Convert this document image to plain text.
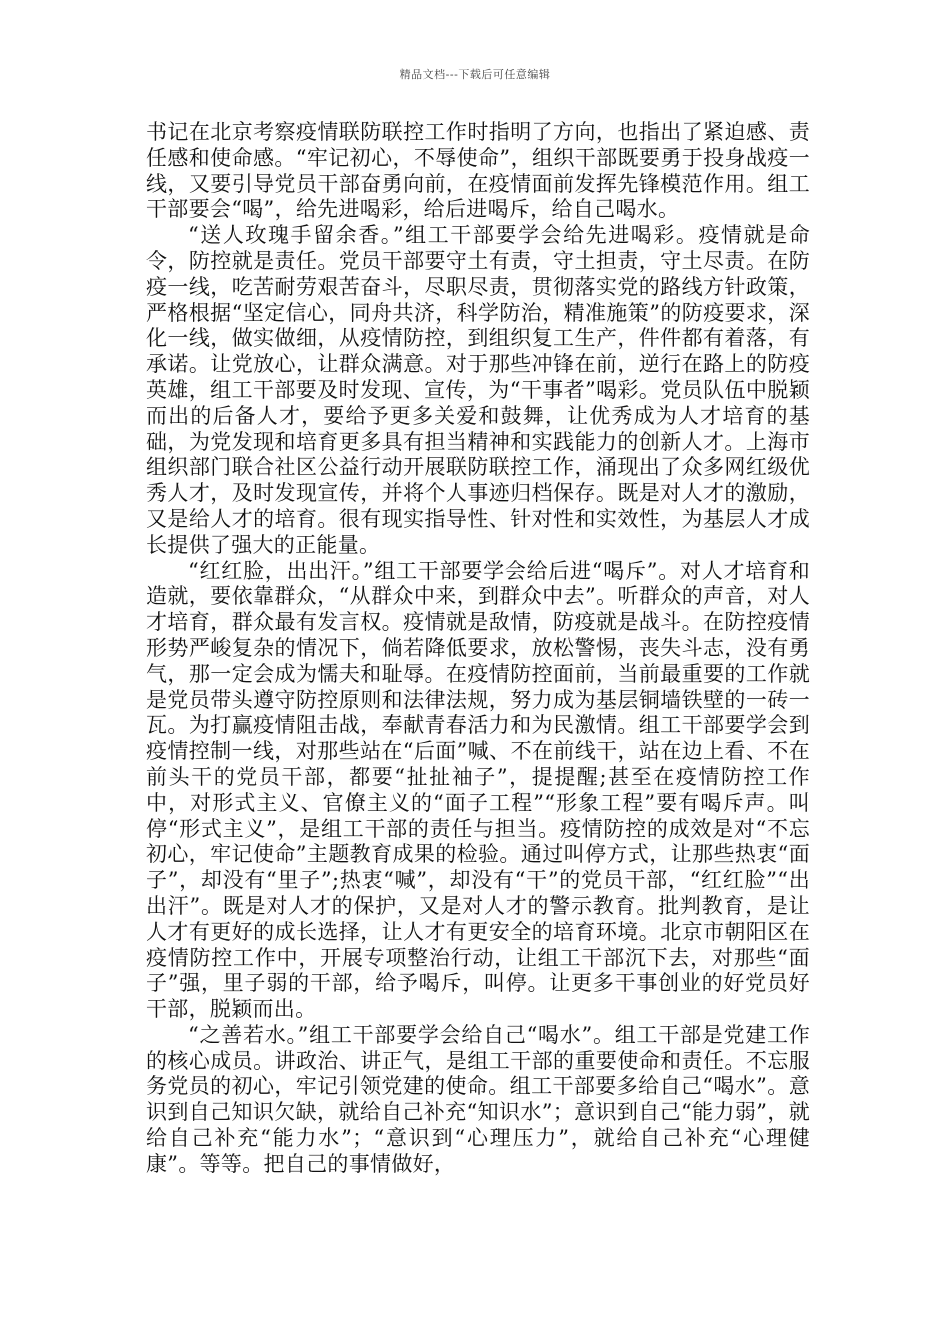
精品文档---下载后可任意编辑

书记在北京考察疫情联防联控工作时指明了方向，也指出了紧迫感、责任感和使命感。“牢记初心，不辱使命”，组织干部既要勇于投身战疫一线，又要引导党员干部奋勇向前，在疫情面前发挥先锋模范作用。组工干部要会“喝”，给先进喝彩，给后进喝斥，给自己喝水。

“送人玫瑰手留余香。”组工干部要学会给先进喝彩。疫情就是命令，防控就是责任。党员干部要守土有责，守土担责，守土尽责。在防疫一线，吃苦耐劳艰苦奋斗，尽职尽责，贯彻落实党的路线方针政策，严格根据“坚定信心，同舟共济，科学防治，精准施策”的防疫要求，深化一线，做实做细，从疫情防控，到组织复工生产，件件都有着落，有承诺。让党放心，让群众满意。对于那些冲锋在前，逆行在路上的防疫英雄，组工干部要及时发现、宣传，为“干事者”喝彩。党员队伍中脱颖而出的后备人才，要给予更多关爱和鼓舞，让优秀成为人才培育的基础，为党发现和培育更多具有担当精神和实践能力的创新人才。上海市组织部门联合社区公益行动开展联防联控工作，涌现出了众多网红级优秀人才，及时发现宣传，并将个人事迹归档保存。既是对人才的激励，又是给人才的培育。很有现实指导性、针对性和实效性，为基层人才成长提供了强大的正能量。

“红红脸，出出汗。”组工干部要学会给后进“喝斥”。对人才培育和造就，要依靠群众，“从群众中来，到群众中去”。听群众的声音，对人才培育，群众最有发言权。疫情就是敌情，防疫就是战斗。在防控疫情形势严峻复杂的情况下，倘若降低要求，放松警惕，丧失斗志，没有勇气，那一定会成为懦夫和耻辱。在疫情防控面前，当前最重要的工作就是党员带头遵守防控原则和法律法规，努力成为基层铜墙铁壁的一砖一瓦。为打赢疫情阻击战，奉献青春活力和为民激情。组工干部要学会到疫情控制一线，对那些站在“后面”喊、不在前线干，站在边上看、不在前头干的党员干部，都要“扯扯袖子”，提提醒;甚至在疫情防控工作中，对形式主义、官僚主义的“面子工程”“形象工程”要有喝斥声。叫停“形式主义”，是组工干部的责任与担当。疫情防控的成效是对“不忘初心，牢记使命”主题教育成果的检验。通过叫停方式，让那些热衷“面子”，却没有“里子”;热衷“喊”，却没有“干”的党员干部，“红红脸”“出出汗”。既是对人才的保护，又是对人才的警示教育。批判教育，是让人才有更好的成长选择，让人才有更安全的培育环境。北京市朝阳区在疫情防控工作中，开展专项整治行动，让组工干部沉下去，对那些“面子”强，里子弱的干部，给予喝斥，叫停。让更多干事创业的好党员好干部，脱颖而出。

“之善若水。”组工干部要学会给自己“喝水”。组工干部是党建工作的核心成员。讲政治、讲正气，是组工干部的重要使命和责任。不忘服务党员的初心，牢记引领党建的使命。组工干部要多给自己“喝水”。意识到自己知识欠缺，就给自己补充“知识水”；意识到自己“能力弱”，就给自己补充“能力水”；“意识到“心理压力”，就给自己补充“心理健康”。等等。把自己的事情做好，
